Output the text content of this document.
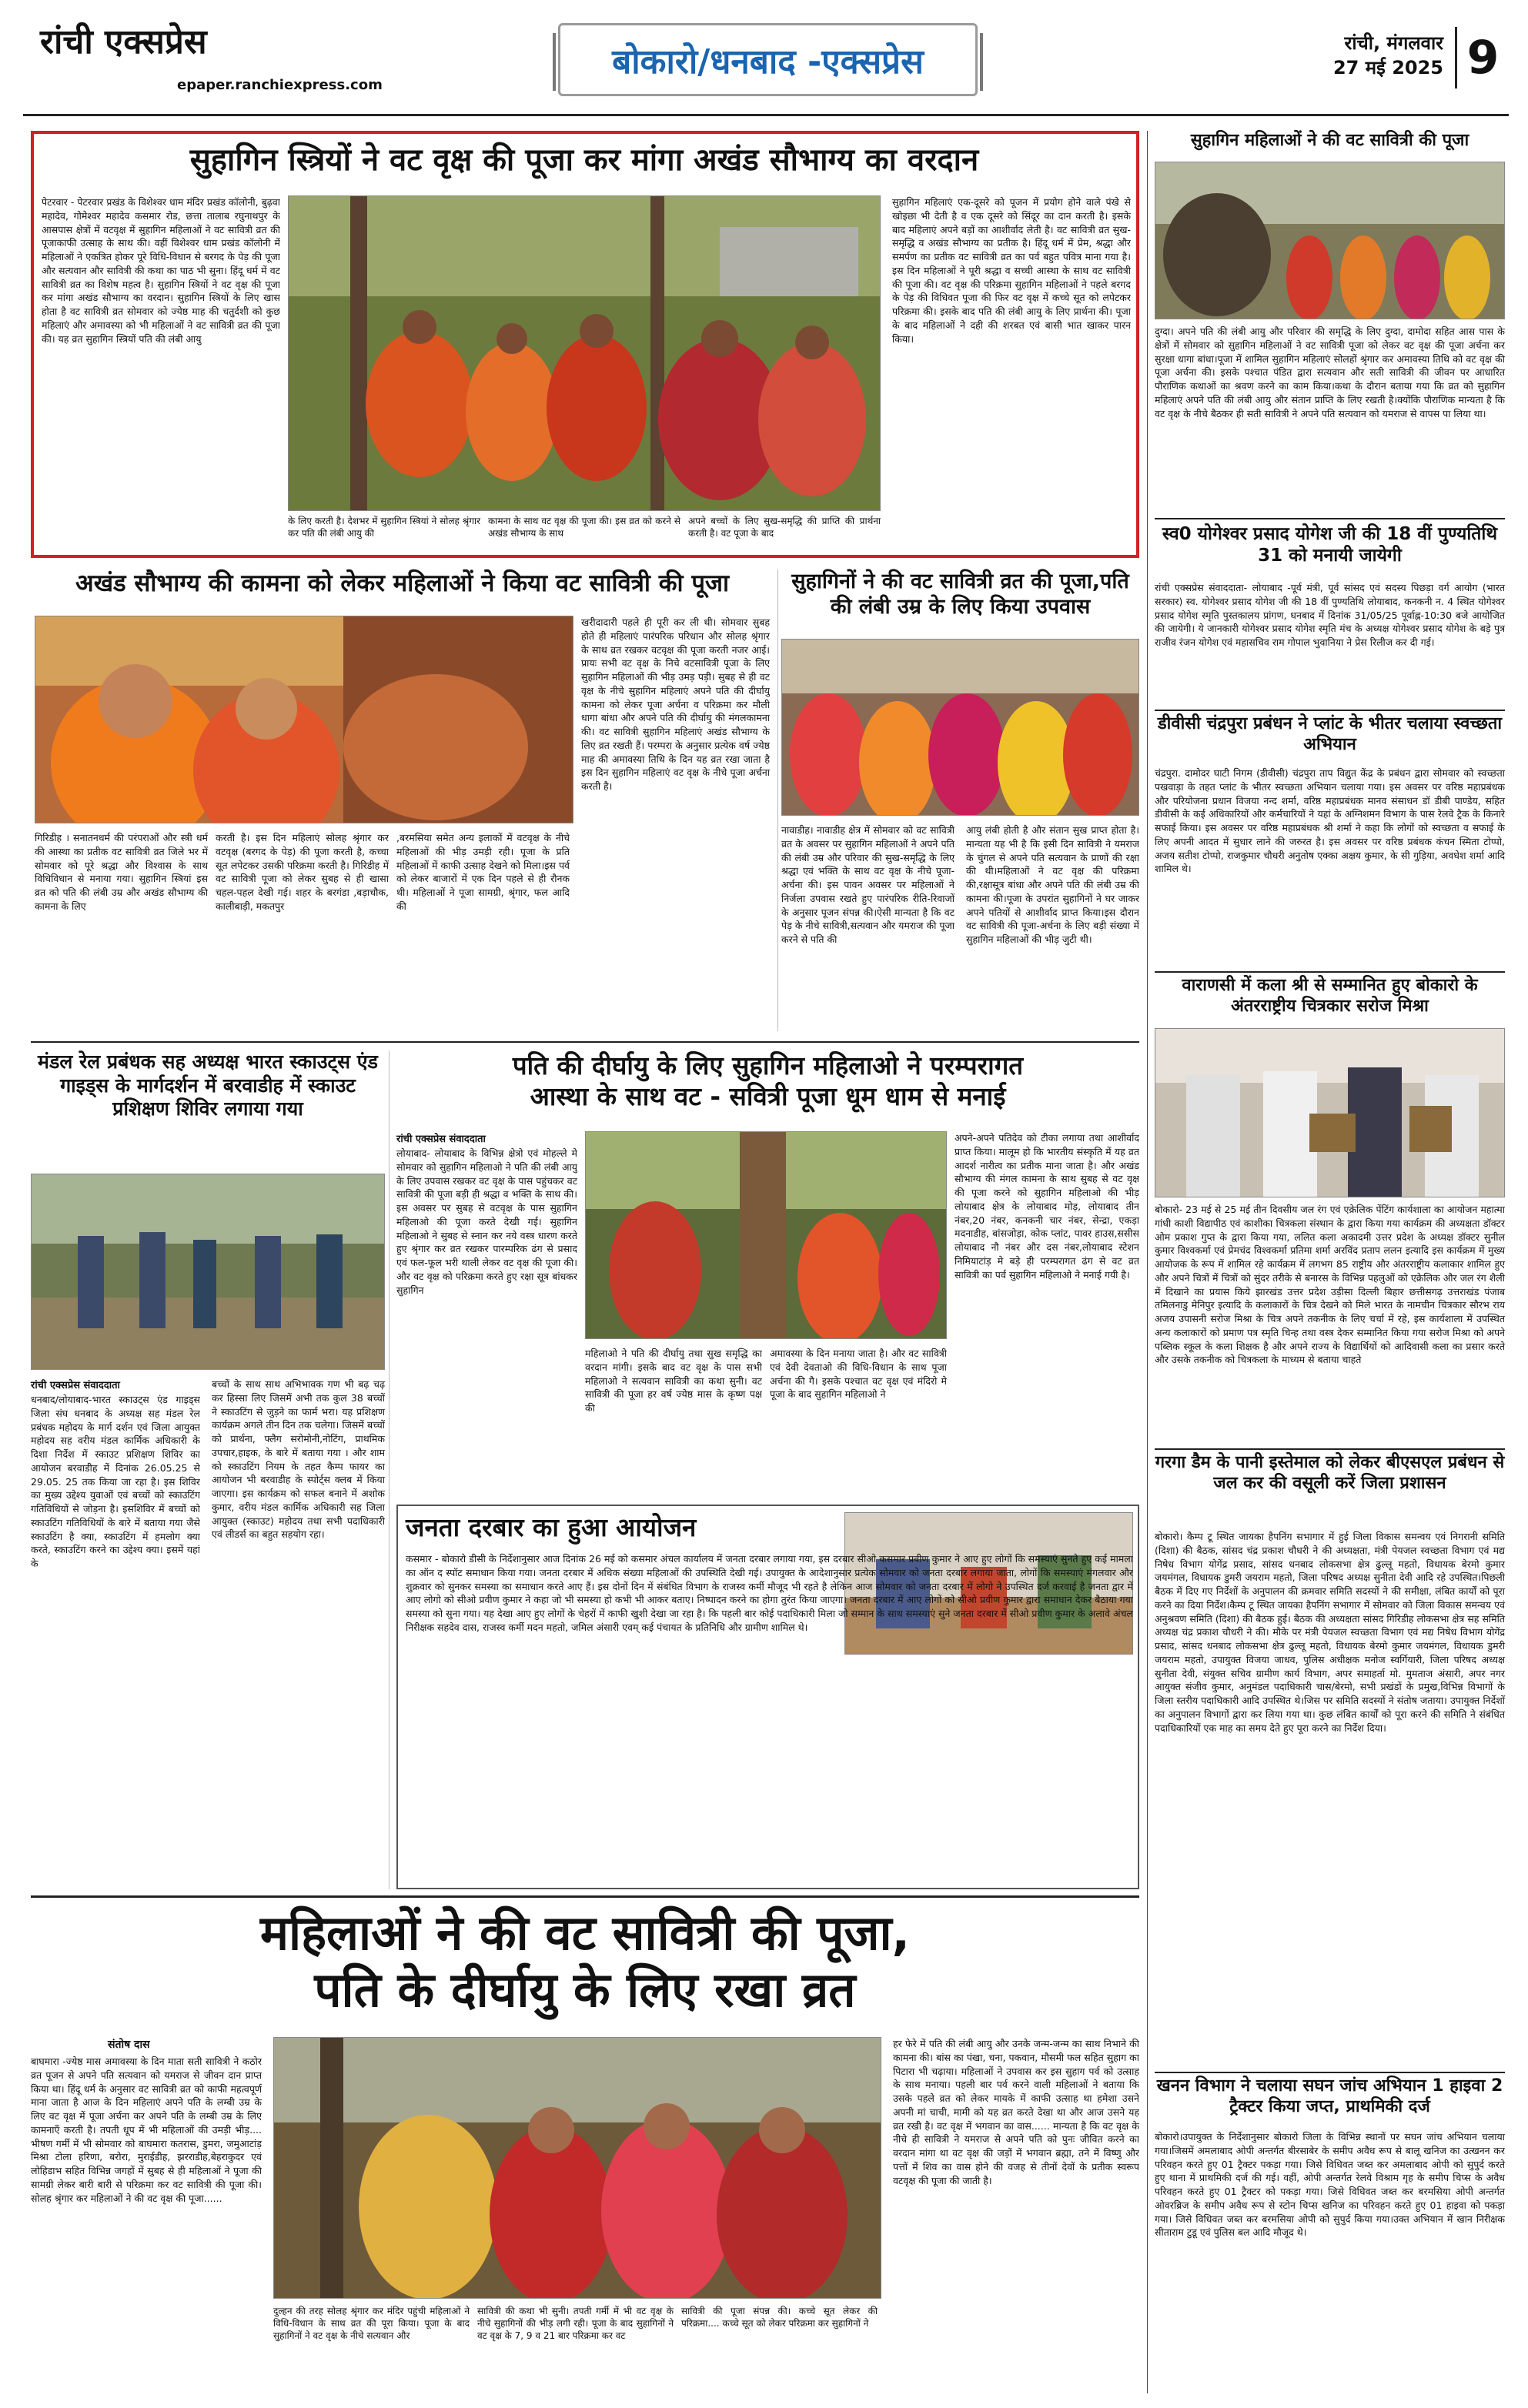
रांची एक्सप्रेस
epaper.ranchiexpress.com
बोकारो/धनबाद -एक्सप्रेस	रांची, मंगलवार
27 मई 2025 9
सुहागिन स्त्रियों ने वट वृक्ष की पूजा कर मांगा अखंड सौभाग्य का वरदान
पेटरवार - पेटरवार प्रखंड के विशेश्वर धाम मंदिर प्रखंड कॉलोनी, बुढ़वा महादेव, गोमेश्वर महादेव कसमार रोड, छत्ता तालाब रघुनाथपुर के आसपास क्षेत्रों में वटवृक्ष में सुहागिन महिलाओं ने वट सावित्री व्रत की पूजाकाफी उत्साह के साथ की। वहीं विशेश्वर धाम प्रखंड कॉलोनी में महिलाओं ने एकत्रित होकर पूरे विधि-विधान से बरगद के पेड़ की पूजा और सत्यवान और सावित्री की कथा का पाठ भी सुना। हिंदू धर्म में वट सावित्री व्रत का विशेष महत्व है। सुहागिन स्त्रियों ने वट वृक्ष की पूजा कर मांगा अखंड सौभाग्य का वरदान। सुहागिन स्त्रियों के लिए खास होता है वट सावित्री व्रत सोमवार को ज्येष्ठ माह की चतुर्दशी को कुछ महिलाएं और अमावस्या को भी महिलाओं ने वट सावित्री व्रत की पूजा की। यह व्रत सुहागिन स्त्रियों पति की लंबी आयु
के लिए करती है। देशभर में सुहागिन स्त्रियां ने सोलह श्रृंगार कर पति की लंबी आयु की
कामना के साथ वट वृक्ष की पूजा की। इस व्रत को करने से अखंड सौभाग्य के साथ
अपने बच्चों के लिए सुख-समृद्धि की प्राप्ति की प्रार्थना करती है। वट पूजा के बाद
सुहागिन महिलाएं एक-दूसरे को पूजन में प्रयोग होने वाले पंखे से खोइछा भी देती है व एक दूसरे को सिंदूर का दान करती है। इसके बाद महिलाएं अपने बड़ों का आशीर्वाद लेती है। वट सावित्री व्रत सुख-समृद्धि व अखंड सौभाग्य का प्रतीक है। हिंदू धर्म में प्रेम, श्रद्धा और समर्पण का प्रतीक वट सावित्री व्रत का पर्व बहुत पवित्र माना गया है। इस दिन महिलाओं ने पूरी श्रद्धा व सच्ची आस्था के साथ वट सावित्री की पूजा की। वट वृक्ष की परिक्रमा सुहागिन महिलाओं ने पहले बरगद के पेड़ की विधिवत पूजा की फिर वट वृक्ष में कच्चे सूत को लपेटकर परिक्रमा की। इसके बाद पति की लंबी आयु के लिए प्रार्थना की। पूजा के बाद महिलाओं ने दही की शरबत एवं बासी भात खाकर पारन किया।
अखंड सौभाग्य की कामना को लेकर महिलाओं ने किया वट सावित्री की पूजा
गिरिडीह । सनातनधर्म की परंपराओं और स्त्री धर्म की आस्था का प्रतीक वट सावित्री व्रत जिले भर में सोमवार को पूरे श्रद्धा और विश्वास के साथ विधिविधान से मनाया गया। सुहागिन स्त्रियां इस व्रत को पति की लंबी उम्र और अखंड सौभाग्य की कामना के लिए
करती है। इस दिन महिलाएं सोलह श्रृंगार कर वटवृक्ष (बरगद के पेड़) की पूजा करती है, कच्चा सूत लपेटकर उसकी परिक्रमा करती है। गिरिडीह में वट सावित्री पूजा को लेकर सुबह से ही खासा चहल-पहल देखी गई। शहर के बरगंडा ,बड़ाचौक, कालीबाड़ी, मकतपुर
,बरमसिया समेत अन्य इलाकों में वटवृक्ष के नीचे महिलाओं की भीड़ उमड़ी रही। पूजा के प्रति महिलाओं में काफी उत्साह देखने को मिला।इस पर्व को लेकर बाजारों में एक दिन पहले से ही रौनक थी। महिलाओं ने पूजा सामग्री, श्रृंगार, फल आदि की
खरीदादारी पहले ही पूरी कर ली थी। सोमवार सुबह होते ही महिलाएं पारंपरिक परिधान और सोलह श्रृंगार के साथ व्रत रखकर वटवृक्ष की पूजा करती नजर आई। प्रायः सभी वट वृक्ष के निचे वटसावित्री पूजा के लिए सुहागिन महिलाओं की भीड़ उमड़ पड़ी। सुबह से ही वट वृक्ष के नीचे सुहागिन महिलाएं अपने पति की दीर्घायु कामना को लेकर पूजा अर्चना व परिक्रमा कर मौली धागा बांधा और अपने पति की दीर्घायु की मंगलकामना की। वट सावित्री सुहागिन महिलाएं अखंड सौभाग्य के लिए व्रत रखती हैं। परम्परा के अनुसार प्रत्येक वर्ष ज्येष्ठ माह की अमावस्या तिथि के दिन यह व्रत रखा जाता है इस दिन सुहागिन महिलाएं वट वृक्ष के नीचे पूजा अर्चना करती है।
सुहागिनों ने की वट सावित्री व्रत की पूजा,पति की लंबी उम्र के लिए किया उपवास
नावाडीह। नावाडीह क्षेत्र में सोमवार को वट सावित्री व्रत के अवसर पर सुहागिन महिलाओं ने अपने पति की लंबी उम्र और परिवार की सुख-समृद्धि के लिए श्रद्धा एवं भक्ति के साथ वट वृक्ष के नीचे पूजा-अर्चना की। इस पावन अवसर पर महिलाओं ने निर्जला उपवास रखते हुए पारंपरिक रीति-रिवाजों के अनुसार पूजन संपन्न की।ऐसी मान्यता है कि वट पेड़ के नीचे सावित्री,सत्यवान और यमराज की पूजा करने से पति की
आयु लंबी होती है और संतान सुख प्राप्त होता है।मान्यता यह भी है कि इसी दिन सावित्री ने यमराज के चुंगल से अपने पति सत्यवान के प्राणों की रक्षा की थी।महिलाओं ने वट वृक्ष की परिक्रमा की,रक्षासूत्र बांधा और अपने पति की लंबी उम्र की कामना की।पूजा के उपरांत सुहागिनों ने घर जाकर अपने पतियों से आशीर्वाद प्राप्त किया।इस दौरान वट सावित्री की पूजा-अर्चना के लिए बड़ी संख्या में सुहागिन महिलाओं की भीड़ जुटी थी।
मंडल रेल प्रबंधक सह अध्यक्ष भारत स्काउट्स एंड गाइड्स के मार्गदर्शन में बरवाडीह में स्काउट प्रशिक्षण शिविर लगाया गया
रांची एक्सप्रेस संवाददाता
धनबाद/लोयाबाद-भारत स्काउट्स एंड गाइड्स जिला संघ धनबाद के अध्यक्ष सह मंडल रेल प्रबंधक महोदय के मार्ग दर्शन एवं जिला आयुक्त महोदय सह वरीय मंडल कार्मिक अधिकारी के दिशा निर्देश में स्काउट प्रशिक्षण शिविर का आयोजन बरवाडीह में दिनांक 26.05.25 से 29.05. 25 तक किया जा रहा है। इस शिविर का मुख्य उद्देश्य युवाओं एवं बच्चों को स्काउटिंग गतिविधियों से जोड़ना है। इसशिविर में बच्चों को स्काउटिंग गतिविधियों के बारे में बताया गया जैसे स्काउटिंग है क्या, स्काउटिंग में हमलोग क्या करते, स्काउटिंग करने का उद्देश्य क्या। इसमें यहां के
बच्चों के साथ साथ अभिभावक गण भी बढ़ चढ़ कर हिस्सा लिए जिसमें अभी तक कुल 38 बच्चों ने स्काउटिंग से जुड़ने का फार्म भरा। यह प्रशिक्षण कार्यक्रम अगले तीन दिन तक चलेगा। जिसमें बच्चों को प्रार्थना, फ्लैग सरोमोनी,नोटिंग, प्राथमिक उपचार,हाइक, के बारे में बताया गया । और शाम को स्काउटिंग नियम के तहत कैम्प फायर का आयोजन भी बरवाडीह के स्पोर्ट्स क्लब में किया जाएगा। इस कार्यक्रम को सफल बनाने में अशोक कुमार, वरीय मंडल कार्मिक अधिकारी सह जिला आयुक्त (स्काउट) महोदय तथा सभी पदाधिकारी एवं लीडर्स का बहुत सहयोग रहा।
पति की दीर्घायु के लिए सुहागिन महिलाओ ने परम्परागत
आस्था के साथ वट - सवित्री पूजा धूम धाम से मनाई
रांची एक्सप्रेस संवाददाता
लोयाबाद- लोयाबाद के विभिन्न क्षेत्रो एवं मोहल्ले मे सोमवार को सुहागिन महिलाओ ने पति की लंबी आयु के लिए उपवास रखकर वट वृक्ष के पास पहुंचकर वट सावित्री की पूजा बड़ी ही श्रद्धा व भक्ति के साथ की। इस अवसर पर सुबह से वटवृक्ष के पास सुहागिन महिलाओ की पूजा करते देखी गई। सुहागिन महिलाओ ने सुबह से स्नान कर नये वस्त्र धारण करते हुए श्रृंगार कर व्रत रखकर पारम्परिक ढंग से प्रसाद एवं फल-फूल भरी थाली लेकर वट वृक्ष की पूजा की। और वट वृक्ष को परिक्रमा करते हुए रक्षा सूत्र बांधकर सुहागिन
महिलाओ ने पति की दीर्घायु तथा सुख समृद्धि का वरदान मांगी। इसके बाद वट वृक्ष के पास सभी महिलाओ ने सत्यवान सावित्री का कथा सुनी। वट सावित्री की पूजा हर वर्ष ज्येष्ठ मास के कृष्ण पक्ष की
अमावस्या के दिन मनाया जाता है। और वट सावित्री एवं देवी देवताओ की विधि-विधान के साथ पूजा अर्चना की गै। इसके पश्चात वट वृक्ष एवं मंदिरो मे पूजा के बाद सुहागिन महिलाओ ने
अपने-अपने पतिदेव को टीका लगाया तथा आशीर्वाद प्राप्त किया। मालूम हो कि भारतीय संस्कृति में यह व्रत आदर्श नारीत्व का प्रतीक माना जाता है। और अखंड सौभाग्य की मंगल कामना के साथ सुबह से वट वृक्ष की पूजा करने को सुहागिन महिलाओ की भीड़ लोयाबाद क्षेत्र के लोयाबाद मोड़, लोयाबाद तीन नंबर,20 नंबर, कनकनी चार नंबर, सेन्द्रा, एकड़ा मदनाडीह, बांसजोड़ा, कोक प्लांट, पावर हाउस,ससीस लोयाबाद नौ नंबर और दस नंबर,लोयाबाद स्टेशन निमियाटांड़ मे बड़े ही परम्परागत ढंग से वट व्रत सावित्री का पर्व सुहागिन महिलाओ ने मनाई गयी है।
जनता दरबार का हुआ आयोजन
कसमार - बोकारो डीसी के निर्देशानुसार आज दिनांक 26 मई को कसमार अंचल कार्यालय में जनता दरबार लगाया गया, इस दरबार सीओ कसमार प्रवीण कुमार ने आए हुए लोगों कि समस्याएं सुनते हुए कई मामला का ऑन द स्पॉट समाधान किया गया। जनता दरबार में अधिक संख्या महिलाओं की उपस्थिति देखी गई। उपायुक्त के आदेशानुसार प्रत्येक सोमवार को जनता दरबार लगाया जाता, लोगों कि समस्याएं मंगलवार और शुक्रवार को सुनकर समस्या का समाधान करते आए हैं। इस दोनों दिन में संबंधित विभाग के राजस्व कर्मी मौजूद भी रहते है लेकिन आज सोमवार को जनता दरबार में लोगो ने उपस्थित दर्ज करवाई है जनता द्वार में आए लोगो को सीओ प्रवीण कुमार ने कहा जो भी समस्या हो कभी भी आकर बताए। निष्पादन करने का होगा तुरंत किया जाएगा। जनता दरबार में आए लोगों को सीओ प्रवीण कुमार द्वारा समाधान देकर बैठाया गया समस्या को सुना गया। यह देखा आए हुए लोगों के चेहरों में काफी खुशी देखा जा रहा है। कि पहली बार कोई पदाधिकारी मिला जो सम्मान के साथ समस्याएं सुने जनता दरबार में सीओ प्रवीण कुमार के अलावे अंचल निरीक्षक सहदेव दास, राजस्व कर्मी मदन महतो, जमिल अंसारी एवम् कई पंचायत के प्रतिनिधि और ग्रामीण शामिल थे।
महिलाओं ने की वट सावित्री की पूजा,
पति के दीर्घायु के लिए रखा व्रत
संतोष दास
बाघमारा -ज्येष्ठ मास अमावस्या के दिन माता सती सावित्री ने कठोर व्रत पूजन से अपने पति सत्यवान को यमराज से जीवन दान प्राप्त किया था। हिंदू धर्म के अनुसार वट सावित्री व्रत को काफी महत्वपूर्ण माना जाता है आज के दिन महिलाएं अपने पति के लम्बी उम्र के लिए वट वृक्ष में पूजा अर्चना कर अपने पति के लम्बी उम्र के लिए कामनाएँ करती है। तपती धूप में भी महिलाओं की उमड़ी भीड़.... भीषण गर्मी में भी सोमवार को बाघमारा कतरास, डुमरा, जमुआटांड़ मिश्रा टोला हरिणा, बरोरा, मुराईडीह, झरराडीह,बेहराकुदर एवं लोहिडाभ सहित विभिन्न जगहों में सुबह से ही महिलाओं ने पूजा की सामग्री लेकर बारी बारी से परिक्रमा कर वट सावित्री की पूजा की। सोलह श्रृंगार कर महिलाओं ने की वट वृक्ष की पूजा......
दुल्हन की तरह सोलह श्रृंगार कर मंदिर पहुंची महिलाओं ने विधि-विधान के साथ व्रत की पूरा किया। पूजा के बाद सुहागिनों ने वट वृक्ष के नीचे सत्यवान और
सावित्री की कथा भी सुनी। तपती गर्मी में भी वट वृक्ष के नीचे सुहागिनों की भीड़ लगी रही। पूजा के बाद सुहागिनों ने वट वृक्ष के 7, 9 व 21 बार परिक्रमा कर वट
सावित्री की पूजा संपन्न की। कच्चे सूत लेकर की परिक्रमा.... कच्चे सूत को लेकर परिक्रमा कर सुहागिनों ने
हर फेरे में पति की लंबी आयु और उनके जन्म-जन्म का साथ निभाने की कामना की। बांस का पंखा, चना, पकवान, मौसमी फल सहित सुहाग का पिटारा भी चढ़ाया। महिलाओं ने उपवास कर इस सुहाग पर्व को उत्साह के साथ मनाया। पहली बार पर्व करने वाली महिलाओं ने बताया कि उसके पहले व्रत को लेकर मायके में काफी उत्साह था हमेशा उसने अपनी मां चाची, मामी को यह व्रत करते देखा था और आज उसने यह व्रत रखी है। वट वृक्ष में भगवान का वास...... मान्यता है कि वट वृक्ष के नीचे ही सावित्री ने यमराज से अपने पति को पुनः जीवित करने का वरदान मांगा था वट वृक्ष की जड़ों में भगवान ब्रह्मा, तने में विष्णु और पत्तों में शिव का वास होने की वजह से तीनों देवों के प्रतीक स्वरूप वटवृक्ष की पूजा की जाती है।
सुहागिन महिलाओं ने की वट सावित्री की पूजा
दुग्दा। अपने पति की लंबी आयु और परिवार की समृद्धि के लिए दुग्दा, दामोदा सहित आस पास के क्षेत्रों में सोमवार को सुहागिन महिलाओं ने वट सावित्री पूजा को लेकर वट वृक्ष की पूजा अर्चना कर सुरक्षा धागा बांधा।पूजा में शामिल सुहागिन महिलाएं सोलहों श्रृंगार कर अमावस्या तिथि को वट वृक्ष की पूजा अर्चना की। इसके पश्चात पंडित द्वारा सत्यवान और सती सावित्री की जीवन पर आधारित पौराणिक कथाओं का श्रवण करने का काम किया।कथा के दौरान बताया गया कि व्रत को सुहागिन महिलाएं अपने पति की लंबी आयु और संतान प्राप्ति के लिए रखती है।क्योंकि पौराणिक मान्यता है कि वट वृक्ष के नीचे बैठकर ही सती सावित्री ने अपने पति सत्यवान को यमराज से वापस पा लिया था।
स्व0 योगेश्वर प्रसाद योगेश जी की 18 वीं पुण्यतिथि 31 को मनायी जायेगी
रांची एक्सप्रेस संवाददाता- लोयाबाद -पूर्व मंत्री, पूर्व सांसद एवं सदस्य पिछड़ा वर्ग आयोग (भारत सरकार) स्व. योगेश्वर प्रसाद योगेश जी की 18 वीं पुण्यतिथि लोयाबाद, कनकनी न. 4 स्थित योगेश्वर प्रसाद योगेश स्मृति पुस्तकालय प्रांगण, धनबाद में दिनांक 31/05/25 पूर्वाह्न-10:30 बजे आयोजित की जायेगी। ये जानकारी योगेश्वर प्रसाद योगेश स्मृति मंच के अध्यक्ष योगेश्वर प्रसाद योगेश के बड़े पुत्र राजीव रंजन योगेश एवं महासचिव राम गोपाल भुवानिया ने प्रेस रिलीज कर दी गई।
डीवीसी चंद्रपुरा प्रबंधन ने प्लांट के भीतर चलाया स्वच्छता अभियान
चंद्रपुरा. दामोदर घाटी निगम (डीवीसी) चंद्रपुरा ताप विद्युत केंद्र के प्रबंधन द्वारा सोमवार को स्वच्छता पखवाड़ा के तहत प्लांट के भीतर स्वच्छता अभियान चलाया गया। इस अवसर पर वरिष्ठ महाप्रबंधक और परियोजना प्रधान विजया नन्द शर्मा, वरिष्ठ महाप्रबंधक मानव संसाधन डॉ डीबी पाण्डेय, सहित डीवीसी के कई अधिकारियों और कर्मचारियों ने यहां के अग्निशमन विभाग के पास रेलवे ट्रैक के किनारे सफाई किया। इस अवसर पर वरिष्ठ महाप्रबंधक श्री शर्मा ने कहा कि लोगों को स्वच्छता व सफाई के लिए अपनी आदत में सुधार लाने की जरुरत है। इस अवसर पर वरिष्ठ प्रबंधक कंचन स्मिता टोप्पो, अजय सतीश टोप्पो, राजकुमार चौधरी अनुतोष एक्का अक्षय कुमार, के सी गुड़िया, अवधेश शर्मा आदि शामिल थे।
वाराणसी में कला श्री से सम्मानित हुए बोकारो के अंतरराष्ट्रीय चित्रकार सरोज मिश्रा
बोकारो- 23 मई से 25 मई तीन दिवसीय जल रंग एवं एक्रेलिक पेंटिंग कार्यशाला का आयोजन महात्मा गांधी काशी विद्यापीठ एवं काशीका चित्रकला संस्थान के द्वारा किया गया कार्यक्रम की अध्यक्षता डॉक्टर ओम प्रकाश गुप्त के द्वारा किया गया, ललित कला अकादमी उत्तर प्रदेश के अध्यक्ष डॉक्टर सुनील कुमार विश्वकर्मा एवं प्रेमचंद विश्वकर्मा प्रतिमा शर्मा अरविंद प्रताप ललन इत्यादि इस कार्यक्रम में मुख्य आयोजक के रूप में शामिल रहे कार्यक्रम में लगभग 85 राष्ट्रीय और अंतरराष्ट्रीय कलाकार शामिल हुए और अपने चित्रों में चित्रों को सुंदर तरीके से बनारस के विभिन्न पहलुओं को एक्रेलिक और जल रंग शैली में दिखाने का प्रयास किये झारखंड उत्तर प्रदेश उड़ीसा दिल्ली बिहार छत्तीसगढ़ उत्तराखंड पंजाब तमिलनाडु मेनिपुर इत्यादि के कलाकारों के चित्र देखने को मिले भारत के नामचीन चित्रकार सौरभ राय अजय उपासनी सरोज मिश्रा के चित्र अपने तकनीक के लिए चर्चा में रहे, इस कार्यशाला में उपस्थित अन्य कलाकारों को प्रमाण पत्र स्मृति चिन्ह तथा वस्त्र देकर सम्मानित किया गया सरोज मिश्रा को अपने पब्लिक स्कूल के कला शिक्षक है और अपने राज्य के विद्यार्थियों को आदिवासी कला का प्रसार करते और उसके तकनीक को चित्रकला के माध्यम से बताया चाहते
गरगा डैम के पानी इस्तेमाल को लेकर बीएसएल प्रबंधन से जल कर की वसूली करें जिला प्रशासन
बोकारो। कैम्प टू स्थित जायका हैपनिंग सभागार में हुई जिला विकास समन्वय एवं निगरानी समिति (दिशा) की बैठक, सांसद चंद्र प्रकाश चौधरी ने की अध्यक्षता, मंत्री पेयजल स्वच्छता विभाग एवं मद्य निषेध विभाग योगेंद्र प्रसाद, सांसद धनबाद लोकसभा क्षेत्र ढुल्लू महतो, विधायक बेरमो कुमार जयमंगल, विधायक डुमरी जयराम महतो, जिला परिषद अध्यक्ष सुनीता देवी आदि रहे उपस्थित।पिछली बैठक में दिए गए निर्देशों के अनुपालन की क्रमवार समिति सदस्यों ने की समीक्षा, लंबित कार्यों को पूरा करने का दिया निर्देश।कैम्प टू स्थित जायका हैपनिंग सभागार में सोमवार को जिला विकास समन्वय एवं अनुश्रवण समिति (दिशा) की बैठक हुई। बैठक की अध्यक्षता सांसद गिरिडीह लोकसभा क्षेत्र सह समिति अध्यक्ष चंद्र प्रकाश चौधरी ने की। मौके पर मंत्री पेयजल स्वच्छता विभाग एवं मद्य निषेध विभाग योगेंद्र प्रसाद, सांसद धनबाद लोकसभा क्षेत्र ढुल्लू महतो, विधायक बेरमो कुमार जयमंगल, विधायक डुमरी जयराम महतो, उपायुक्त विजया जाधव, पुलिस अधीक्षक मनोज स्वर्गियारी, जिला परिषद अध्यक्ष सुनीता देवी, संयुक्त सचिव ग्रामीण कार्य विभाग, अपर समाहर्ता मो. मुमताज अंसारी, अपर नगर आयुक्त संजीव कुमार, अनुमंडल पदाधिकारी चास/बेरमो, सभी प्रखंडों के प्रमुख,विभिन्न विभागों के जिला स्तरीय पदाधिकारी आदि उपस्थित थे।जिस पर समिति सदस्यों ने संतोष जताया। उपायुक्त निर्देशों का अनुपालन विभागों द्वारा कर लिया गया था। कुछ लंबित कार्यों को पूरा करने की समिति ने संबंधित पदाधिकारियों एक माह का समय देते हुए पूरा करने का निर्देश दिया।
खनन विभाग ने चलाया सघन जांच अभियान 1 हाइवा 2 ट्रैक्टर किया जप्त, प्राथमिकी दर्ज
बोकारो।उपायुक्त के निर्देशानुसार बोकारो जिला के विभिन्न स्थानों पर सघन जांच अभियान चलाया गया।जिसमें अमलाबाद ओपी अन्तर्गत बीरसाबेर के समीप अवैध रूप से बालू खनिज का उत्खनन कर परिवहन करते हुए 01 ट्रैक्टर पकड़ा गया। जिसे विधिवत जब्त कर अमलाबाद ओपी को सुपुर्द करते हुए थाना में प्राथमिकी दर्ज की गई। वहीं, ओपी अन्तर्गत रेलवे विश्राम गृह के समीप चिप्स के अवैध परिवहन करते हुए 01 ट्रैक्टर को पकड़ा गया। जिसे विधिवत जब्त कर बरमसिया ओपी अन्तर्गत ओवरब्रिज के समीप अवैध रूप से स्टोन चिप्स खनिज का परिवहन करते हुए 01 हाइवा को पकड़ा गया। जिसे विधिवत जब्त कर बरमसिया ओपी को सुपुर्द किया गया।उक्त अभियान में खान निरीक्षक सीताराम टुडू एवं पुलिस बल आदि मौजूद थे।
